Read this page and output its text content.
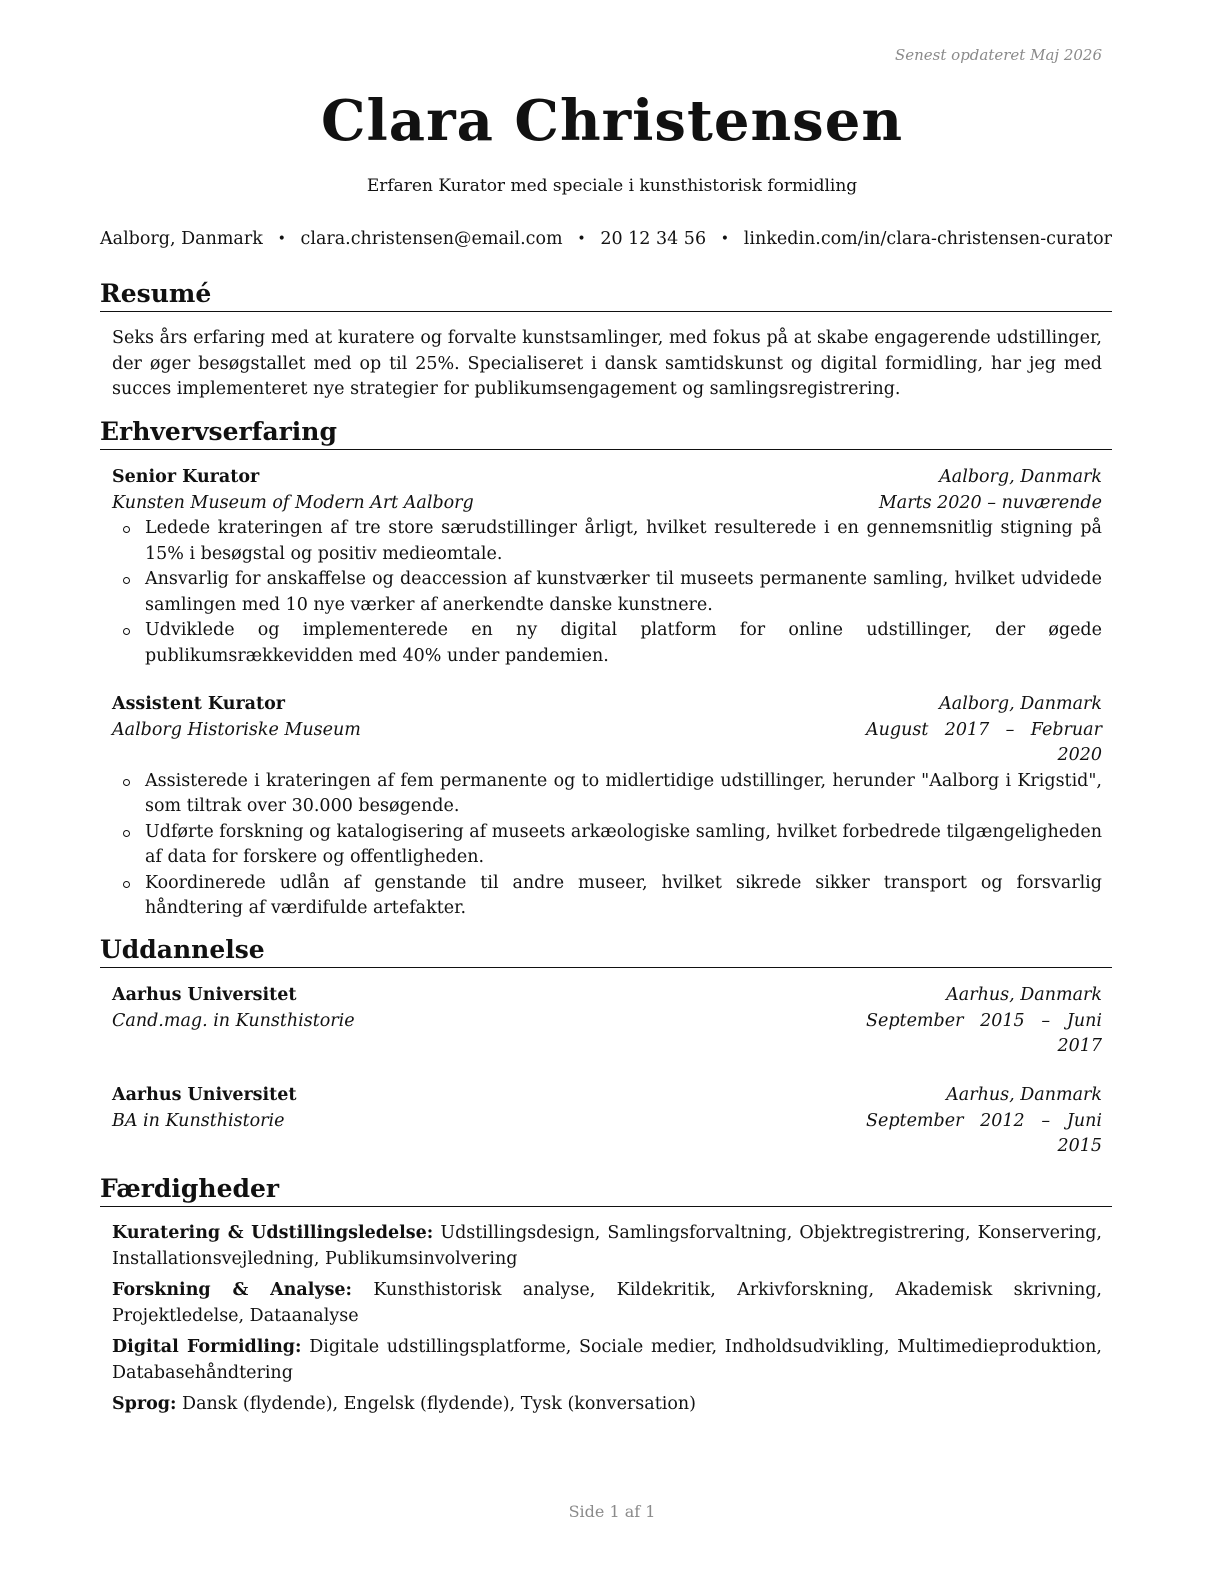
Senest opdateret Maj 2026
Clara Christensen
Erfaren Kurator med speciale i kunsthistorisk formidling
Aalborg, Danmark • clara.christensen@email.com • 20 12 34 56 • linkedin.com/in/clara-christensen-curator
Resumé
Seks års erfaring med at kuratere og forvalte kunstsamlinger, med fokus på at skabe engagerende udstillinger, der øger besøgstallet med op til 25%. Specialiseret i dansk samtidskunst og digital formidling, har jeg med succes implementeret nye strategier for publikumsengagement og samlingsregistrering.
Erhvervserfaring
Senior Kurator	Aalborg, Danmark
Kunsten Museum of Modern Art Aalborg	Marts 2020 – nuværende
Ledede krateringen af tre store særudstillinger årligt, hvilket resulterede i en gennemsnitlig stigning på 15% i besøgstal og positiv medieomtale.
Ansvarlig for anskaffelse og deaccession af kunstværker til museets permanente samling, hvilket udvidede samlingen med 10 nye værker af anerkendte danske kunstnere.
Udviklede og implementerede en ny digital platform for online udstillinger, der øgede publikumsrækkevidden med 40% under pandemien.
Assistent Kurator	Aalborg, Danmark
Aalborg Historiske Museum	August 2017 – Februar 2020
Assisterede i krateringen af fem permanente og to midlertidige udstillinger, herunder "Aalborg i Krigstid", som tiltrak over 30.000 besøgende.
Udførte forskning og katalogisering af museets arkæologiske samling, hvilket forbedrede tilgængeligheden af data for forskere og offentligheden.
Koordinerede udlån af genstande til andre museer, hvilket sikrede sikker transport og forsvarlig håndtering af værdifulde artefakter.
Uddannelse
Aarhus Universitet	Aarhus, Danmark
Cand.mag. in Kunsthistorie	September 2015 – Juni 2017
Aarhus Universitet	Aarhus, Danmark
BA in Kunsthistorie	September 2012 – Juni 2015
Færdigheder
Kuratering & Udstillingsledelse: Udstillingsdesign, Samlingsforvaltning, Objektregistrering, Konservering, Installationsvejledning, Publikumsinvolvering
Forskning & Analyse: Kunsthistorisk analyse, Kildekritik, Arkivforskning, Akademisk skrivning, Projektledelse, Dataanalyse
Digital Formidling: Digitale udstillingsplatforme, Sociale medier, Indholdsudvikling, Multimedieproduktion, Databasehåndtering
Sprog: Dansk (flydende), Engelsk (flydende), Tysk (konversation)
Side 1 af 1
